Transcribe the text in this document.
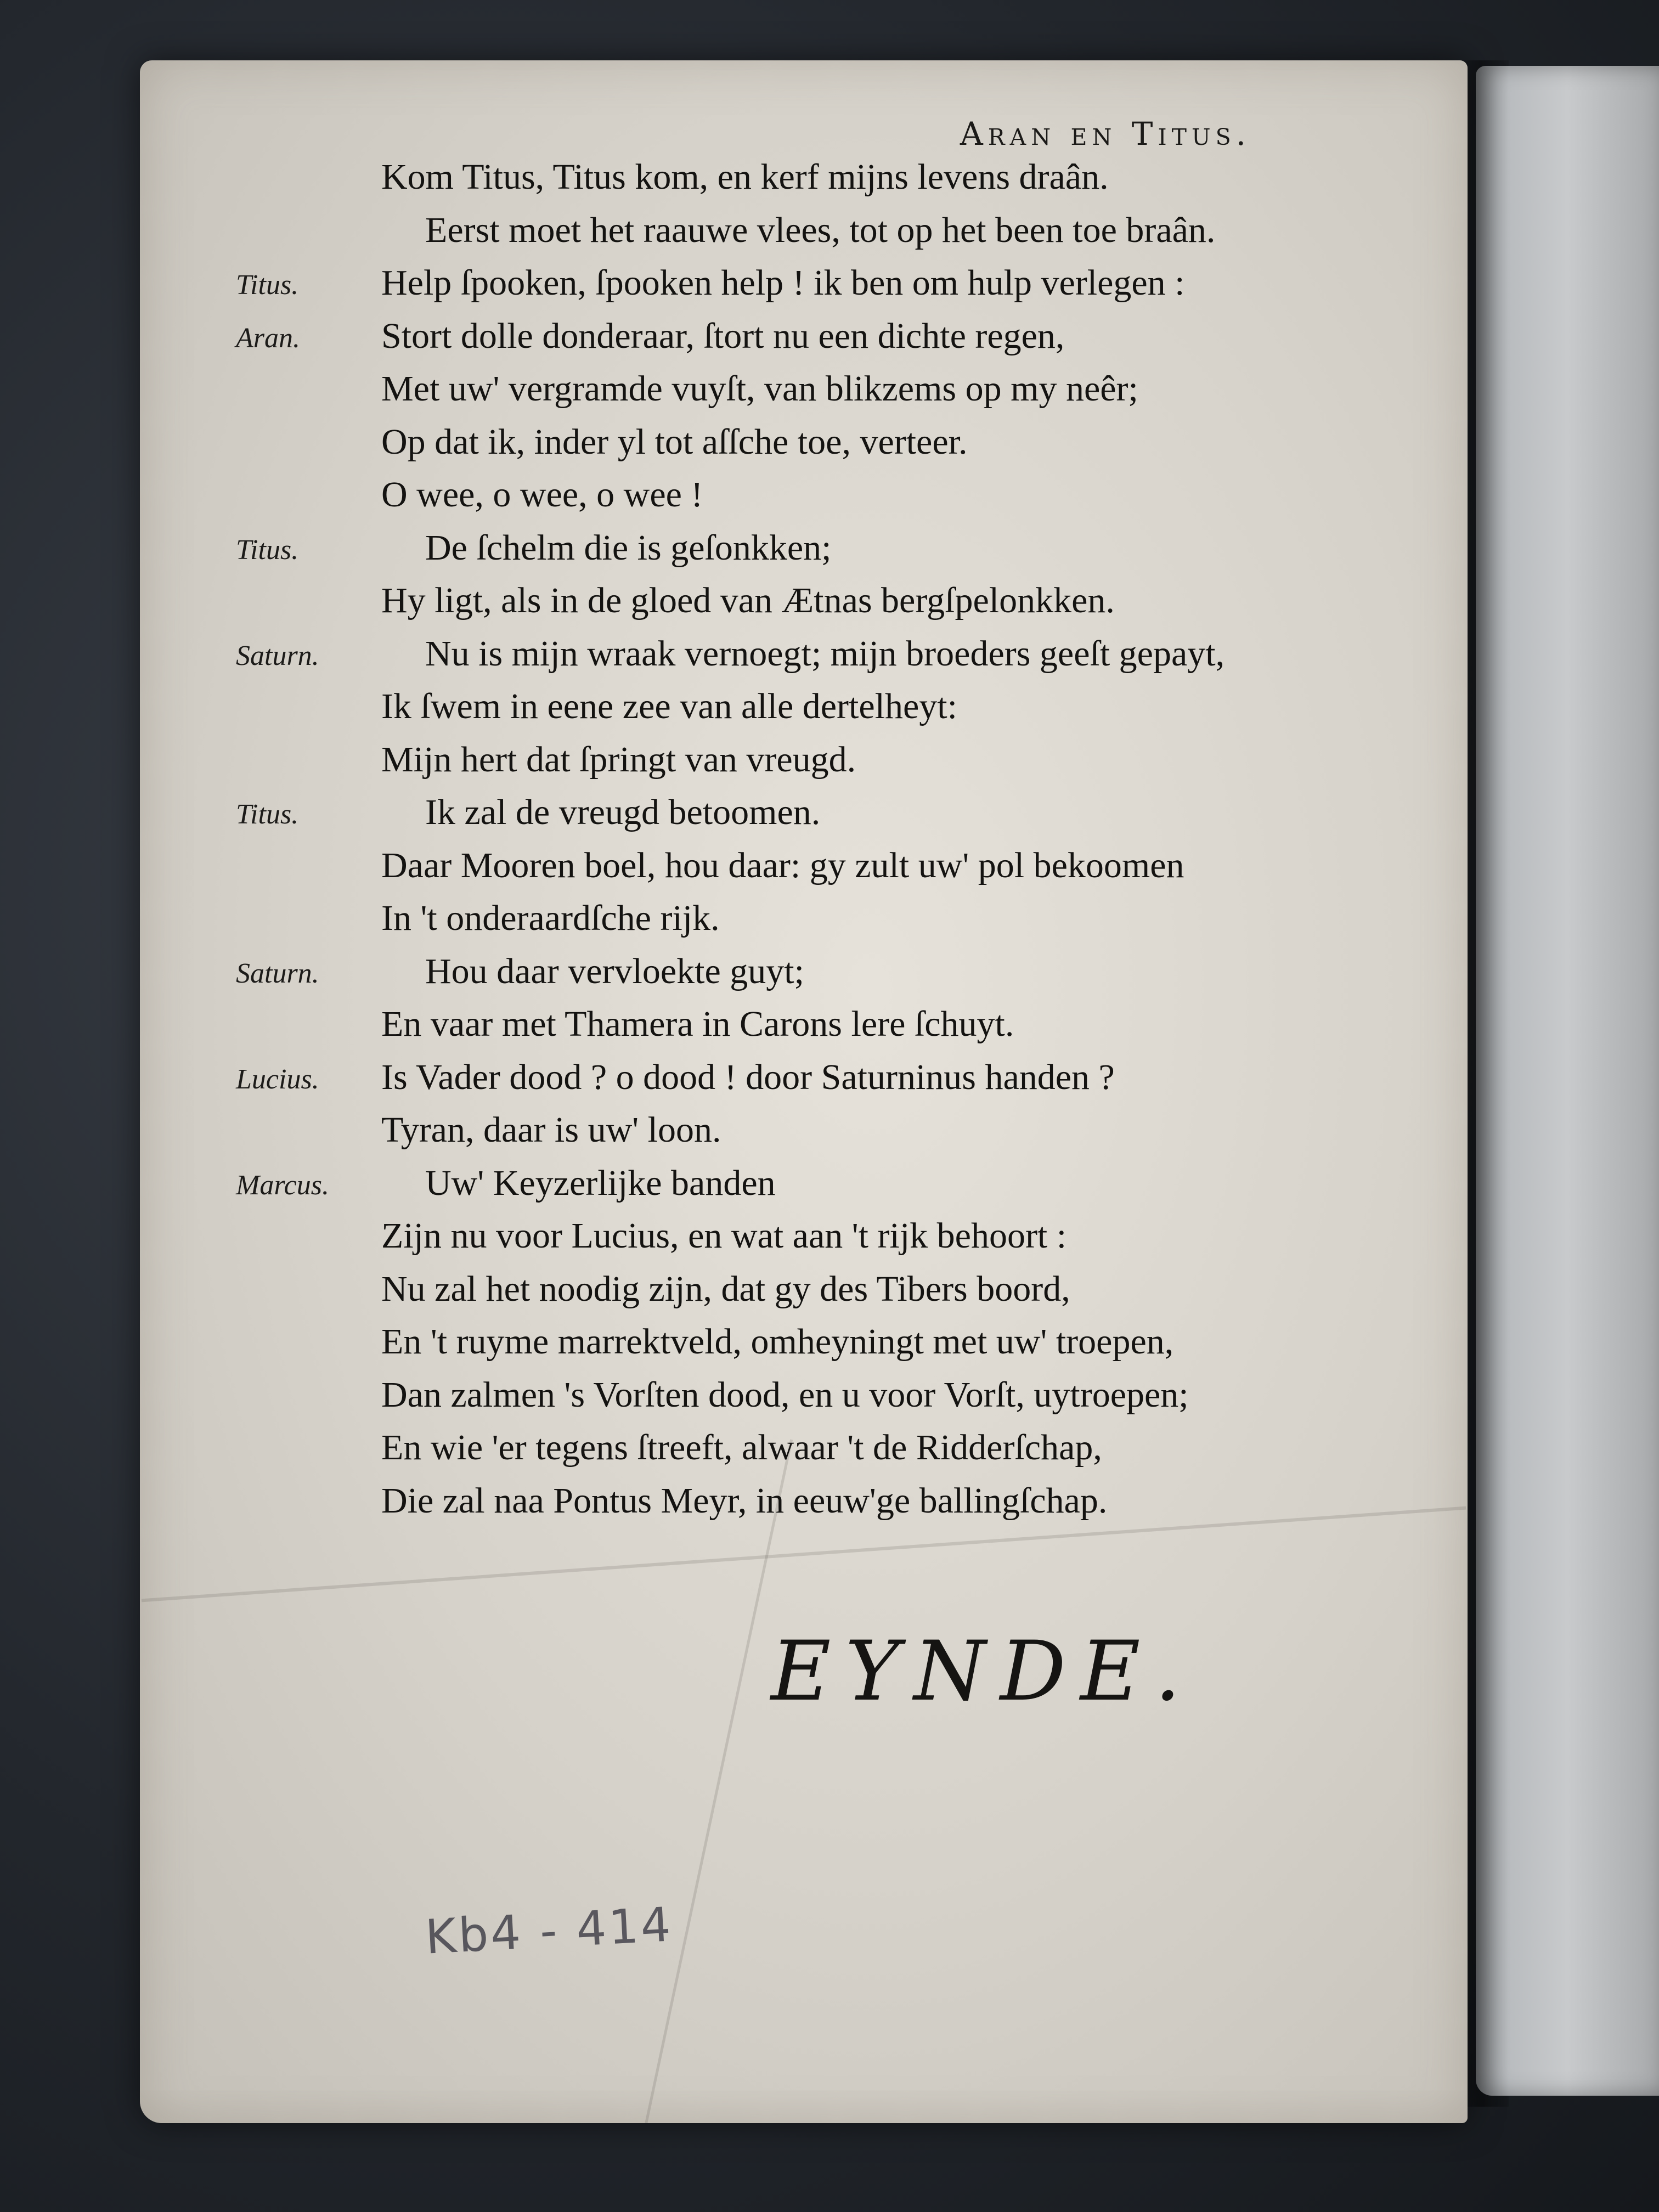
Aran en Titus.
Kom Titus, Titus kom, en kerf mijns levens draân.
Eerst moet het raauwe vlees, tot op het been toe braân.
Titus. Help ſpooken, ſpooken help ! ik ben om hulp verlegen :
Aran. Stort dolle donderaar, ſtort nu een dichte regen,
Met uw' vergramde vuyſt, van blikzems op my neêr;
Op dat ik, inder yl tot aſſche toe, verteer.
O wee, o wee, o wee !
Titus.	De ſchelm die is geſonkken;
Hy ligt, als in de gloed van Ætnas bergſpelonkken.
Saturn.	Nu is mijn wraak vernoegt; mijn broeders geeſt gepayt,
Ik ſwem in eene zee van alle dertelheyt:
Mijn hert dat ſpringt van vreugd.
Titus.	Ik zal de vreugd betoomen.
Daar Mooren boel, hou daar: gy zult uw' pol bekoomen
In 't onderaardſche rijk.
Saturn.	Hou daar vervloekte guyt;
En vaar met Thamera in Carons lere ſchuyt.
Lucius. Is Vader dood ? o dood ! door Saturninus handen ?
Tyran, daar is uw' loon.
Marcus.	Uw' Keyzerlijke banden
Zijn nu voor Lucius, en wat aan 't rijk behoort :
Nu zal het noodig zijn, dat gy des Tibers boord,
En 't ruyme marrektveld, omheyningt met uw' troepen,
Dan zalmen 's Vorſten dood, en u voor Vorſt, uytroepen;
En wie 'er tegens ſtreeft, alwaar 't de Ridderſchap,
Die zal naa Pontus Meyr, in eeuw'ge ballingſchap.
EYNDE.
Kb4 - 414
